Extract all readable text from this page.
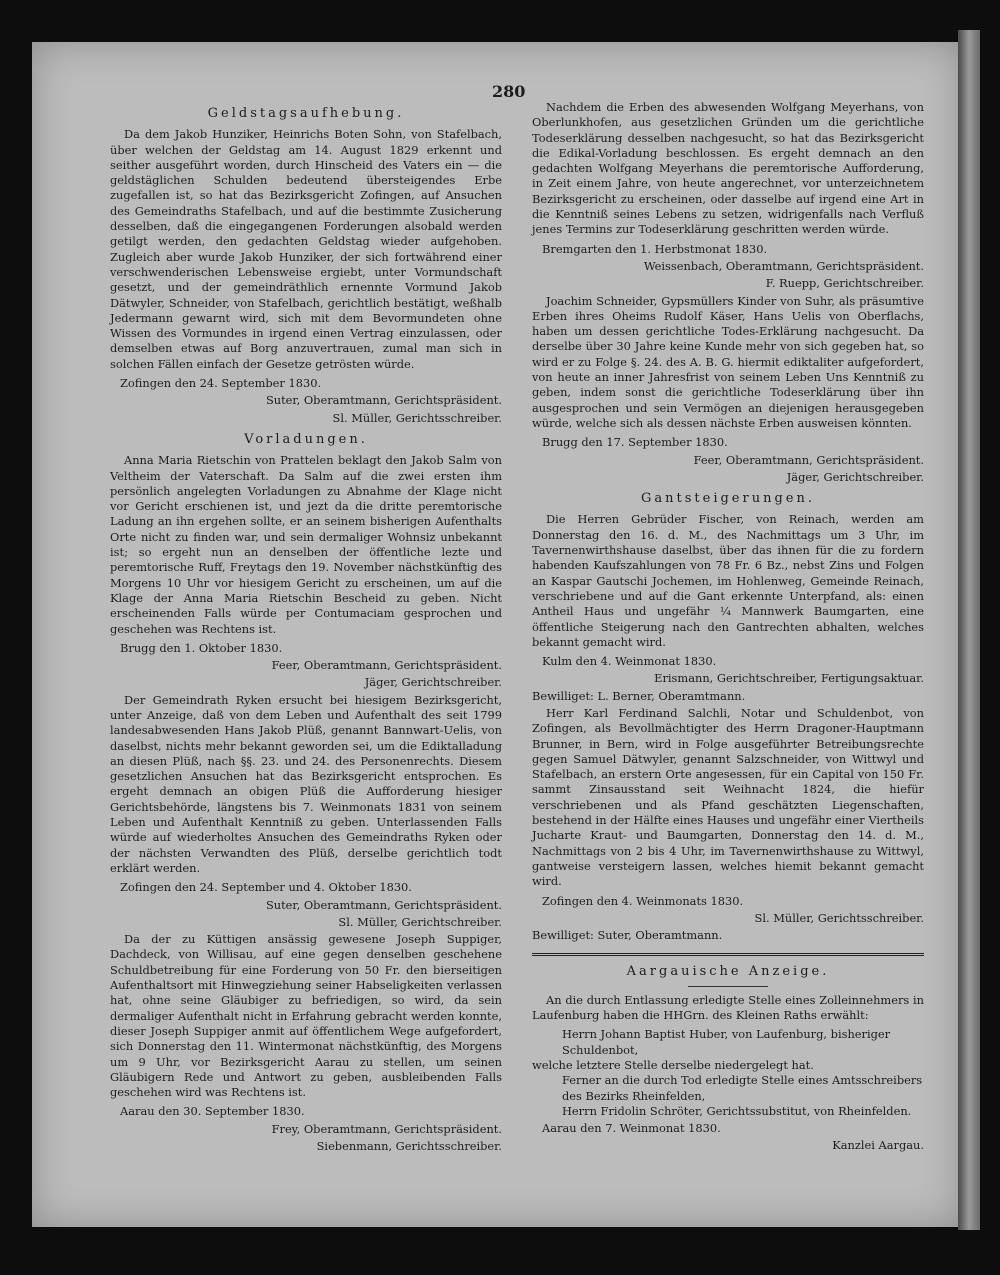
280
Geldstagsaufhebung.

Da dem Jakob Hunziker, Heinrichs Boten Sohn, von Stafelbach, über welchen der Geldstag am 14. August 1829 erkennt und seither ausgeführt worden, durch Hinscheid des Vaters ein — die geldstäglichen Schulden bedeutend übersteigendes Erbe zugefallen ist, so hat das Bezirksgericht Zofingen, auf Ansuchen des Gemeindraths Stafelbach, und auf die bestimmte Zusicherung desselben, daß die eingegangenen Forderungen alsobald werden getilgt werden, den gedachten Geldstag wieder aufgehoben. Zugleich aber wurde Jakob Hunziker, der sich fortwährend einer verschwenderischen Lebensweise ergiebt, unter Vormundschaft gesetzt, und der gemeindräthlich ernennte Vormund Jakob Dätwyler, Schneider, von Stafelbach, gerichtlich bestätigt, weßhalb Jedermann gewarnt wird, sich mit dem Bevormundeten ohne Wissen des Vormundes in irgend einen Vertrag einzulassen, oder demselben etwas auf Borg anzuvertrauen, zumal man sich in solchen Fällen einfach der Gesetze getrösten würde.

Zofingen den 24. September 1830.
Suter, Oberamtmann, Gerichtspräsident.
Sl. Müller, Gerichtsschreiber.
Vorladungen.

Anna Maria Rietschin von Prattelen beklagt den Jakob Salm von Veltheim der Vaterschaft. Da Salm auf die zwei ersten ihm persönlich angelegten Vorladungen zu Abnahme der Klage nicht vor Gericht erschienen ist, und jezt da die dritte peremtorische Ladung an ihn ergehen sollte, er an seinem bisherigen Aufenthalts Orte nicht zu finden war, und sein dermaliger Wohnsiz unbekannt ist; so ergeht nun an denselben der öffentliche lezte und peremtorische Ruff, Freytags den 19. November nächstkünftig des Morgens 10 Uhr vor hiesigem Gericht zu erscheinen, um auf die Klage der Anna Maria Rietschin Bescheid zu geben. Nicht erscheinenden Falls würde per Contumaciam gesprochen und geschehen was Rechtens ist.

Brugg den 1. Oktober 1830.
Feer, Oberamtmann, Gerichtspräsident.
Jäger, Gerichtschreiber.

Der Gemeindrath Ryken ersucht bei hiesigem Bezirksgericht, unter Anzeige, daß von dem Leben und Aufenthalt des seit 1799 landesabwesenden Hans Jakob Plüß, genannt Bannwart-Uelis, von daselbst, nichts mehr bekannt geworden sei, um die Ediktalladung an diesen Plüß, nach §§. 23. und 24. des Personenrechts. Diesem gesetzlichen Ansuchen hat das Bezirksgericht entsprochen. Es ergeht demnach an obigen Plüß die Aufforderung hiesiger Gerichtsbehörde, längstens bis 7. Weinmonats 1831 von seinem Leben und Aufenthalt Kenntniß zu geben. Unterlassenden Falls würde auf wiederholtes Ansuchen des Gemeindraths Ryken oder der nächsten Verwandten des Plüß, derselbe gerichtlich todt erklärt werden.

Zofingen den 24. September und 4. Oktober 1830.
Suter, Oberamtmann, Gerichtspräsident.
Sl. Müller, Gerichtschreiber.

Da der zu Küttigen ansässig gewesene Joseph Suppiger, Dachdeck, von Willisau, auf eine gegen denselben geschehene Schuldbetreibung für eine Forderung von 50 Fr. den bierseitigen Aufenthaltsort mit Hinwegziehung seiner Habseligkeiten verlassen hat, ohne seine Gläubiger zu befriedigen, so wird, da sein dermaliger Aufenthalt nicht in Erfahrung gebracht werden konnte, dieser Joseph Suppiger anmit auf öffentlichem Wege aufgefordert, sich Donnerstag den 11. Wintermonat nächstkünftig, des Morgens um 9 Uhr, vor Bezirksgericht Aarau zu stellen, um seinen Gläubigern Rede und Antwort zu geben, ausbleibenden Falls geschehen wird was Rechtens ist.

Aarau den 30. September 1830.
Frey, Oberamtmann, Gerichtspräsident.
Siebenmann, Gerichtsschreiber.

Nachdem die Erben des abwesenden Wolfgang Meyerhans, von Oberlunkhofen, aus gesetzlichen Gründen um die gerichtliche Todeserklärung desselben nachgesucht, so hat das Bezirksgericht die Edikal-Vorladung beschlossen. Es ergeht demnach an den gedachten Wolfgang Meyerhans die peremtorische Aufforderung, in Zeit einem Jahre, von heute angerechnet, vor unterzeichnetem Bezirksgericht zu erscheinen, oder dasselbe auf irgend eine Art in die Kenntniß seines Lebens zu setzen, widrigenfalls nach Verfluß jenes Termins zur Todeserklärung geschritten werden würde.

Bremgarten den 1. Herbstmonat 1830.
Weissenbach, Oberamtmann, Gerichtspräsident.
F. Ruepp, Gerichtschreiber.

Joachim Schneider, Gypsmüllers Kinder von Suhr, als präsumtive Erben ihres Oheims Rudolf Käser, Hans Uelis von Oberflachs, haben um dessen gerichtliche Todes-Erklärung nachgesucht. Da derselbe über 30 Jahre keine Kunde mehr von sich gegeben hat, so wird er zu Folge §. 24. des A. B. G. hiermit ediktaliter aufgefordert, von heute an inner Jahresfrist von seinem Leben Uns Kenntniß zu geben, indem sonst die gerichtliche Todeserklärung über ihn ausgesprochen und sein Vermögen an diejenigen herausgegeben würde, welche sich als dessen nächste Erben ausweisen könnten.

Brugg den 17. September 1830.
Feer, Oberamtmann, Gerichtspräsident.
Jäger, Gerichtschreiber.
Gantsteigerungen.

Die Herren Gebrüder Fischer, von Reinach, werden am Donnerstag den 16. d. M., des Nachmittags um 3 Uhr, im Tavernenwirthshause daselbst, über das ihnen für die zu fordern habenden Kaufszahlungen von 78 Fr. 6 Bz., nebst Zins und Folgen an Kaspar Gautschi Jochemen, im Hohlenweg, Gemeinde Reinach, verschriebene und auf die Gant erkennte Unterpfand, als: einen Antheil Haus und ungefähr ¼ Mannwerk Baumgarten, eine öffentliche Steigerung nach den Gantrechten abhalten, welches bekannt gemacht wird.

Kulm den 4. Weinmonat 1830.
Erismann, Gerichtschreiber, Fertigungsaktuar.
Bewilliget: L. Berner, Oberamtmann.

Herr Karl Ferdinand Salchli, Notar und Schuldenbot, von Zofingen, als Bevollmächtigter des Herrn Dragoner-Hauptmann Brunner, in Bern, wird in Folge ausgeführter Betreibungsrechte gegen Samuel Dätwyler, genannt Salzschneider, von Wittwyl und Stafelbach, an erstern Orte angesessen, für ein Capital von 150 Fr. sammt Zinsausstand seit Weihnacht 1824, die hiefür verschriebenen und als Pfand geschätzten Liegenschaften, bestehend in der Hälfte eines Hauses und ungefähr einer Viertheils Jucharte Kraut- und Baumgarten, Donnerstag den 14. d. M., Nachmittags von 2 bis 4 Uhr, im Tavernenwirthshause zu Wittwyl, gantweise versteigern lassen, welches hiemit bekannt gemacht wird.

Zofingen den 4. Weinmonats 1830.
Sl. Müller, Gerichtsschreiber.
Bewilliget: Suter, Oberamtmann.
Aargauische Anzeige.

An die durch Entlassung erledigte Stelle eines Zolleinnehmers in Laufenburg haben die HHGrn. des Kleinen Raths erwählt:

Herrn Johann Baptist Huber, von Laufenburg, bisheriger Schuldenbot,
welche letztere Stelle derselbe niedergelegt hat.
Ferner an die durch Tod erledigte Stelle eines Amtsschreibers des Bezirks Rheinfelden,
Herrn Fridolin Schröter, Gerichtssubstitut, von Rheinfelden.
Aarau den 7. Weinmonat 1830.
Kanzlei Aargau.
